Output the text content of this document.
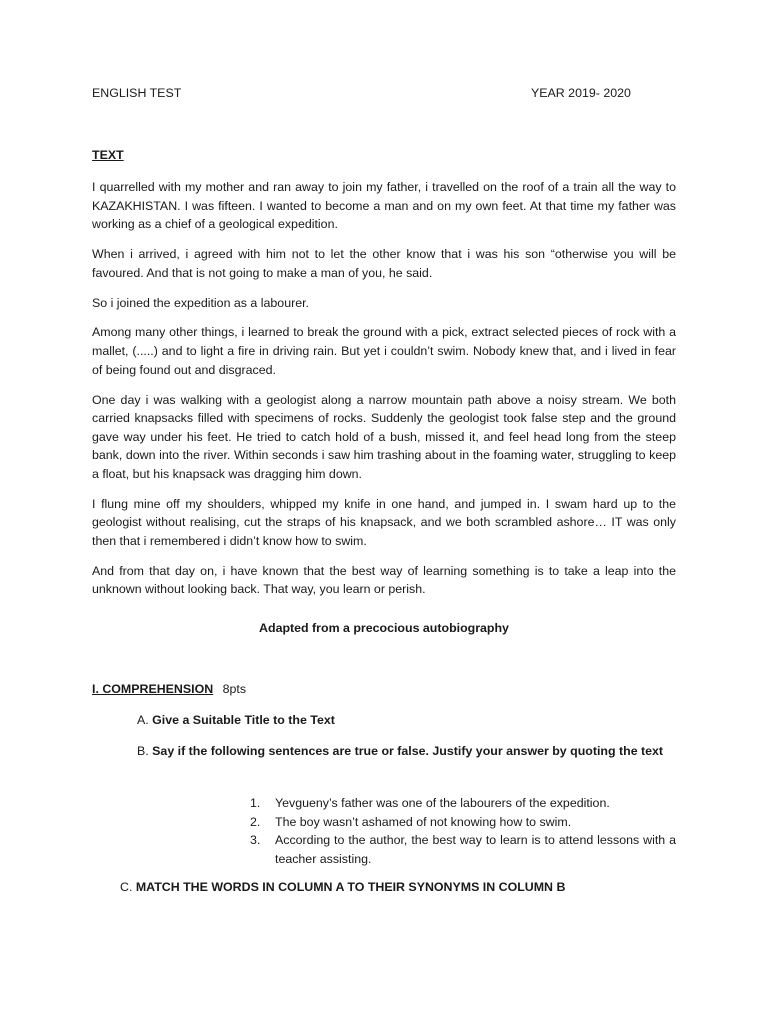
ENGLISH TEST	YEAR 2019- 2020
TEXT

I quarrelled with my mother and ran away to join my father, i travelled on the roof of a train all the way to KAZAKHISTAN. I was fifteen. I wanted to become a man and on my own feet. At that time my father was working as a chief of a geological expedition.

When i arrived, i agreed with him not to let the other know that i was his son “otherwise you will be favoured. And that is not going to make a man of you, he said.

So i joined the expedition as a labourer.

Among many other things, i learned to break the ground with a pick, extract selected pieces of rock with a mallet, (.....) and to light a fire in driving rain. But yet i couldn’t swim. Nobody knew that, and i lived in fear of being found out and disgraced.

One day i was walking with a geologist along a narrow mountain path above a noisy stream. We both carried knapsacks filled with specimens of rocks. Suddenly the geologist took false step and the ground gave way under his feet. He tried to catch hold of a bush, missed it, and feel head long from the steep bank, down into the river. Within seconds i saw him trashing about in the foaming water, struggling to keep a float, but his knapsack was dragging him down.

I flung mine off my shoulders, whipped my knife in one hand, and jumped in. I swam hard up to the geologist without realising, cut the straps of his knapsack, and we both scrambled ashore… IT was only then that i remembered i didn’t know how to swim.

And from that day on, i have known that the best way of learning something is to take a leap into the unknown without looking back. That way, you learn or perish.

Adapted from a precocious autobiography
I. COMPREHENSION 8pts
A. Give a Suitable Title to the Text
B. Say if the following sentences are true or false. Justify your answer by quoting the text
1.	Yevgueny’s father was one of the labourers of the expedition.
2.	The boy wasn’t ashamed of not knowing how to swim.
3.	According to the author, the best way to learn is to attend lessons with a teacher assisting.
C. MATCH THE WORDS IN COLUMN A TO THEIR SYNONYMS IN COLUMN B
